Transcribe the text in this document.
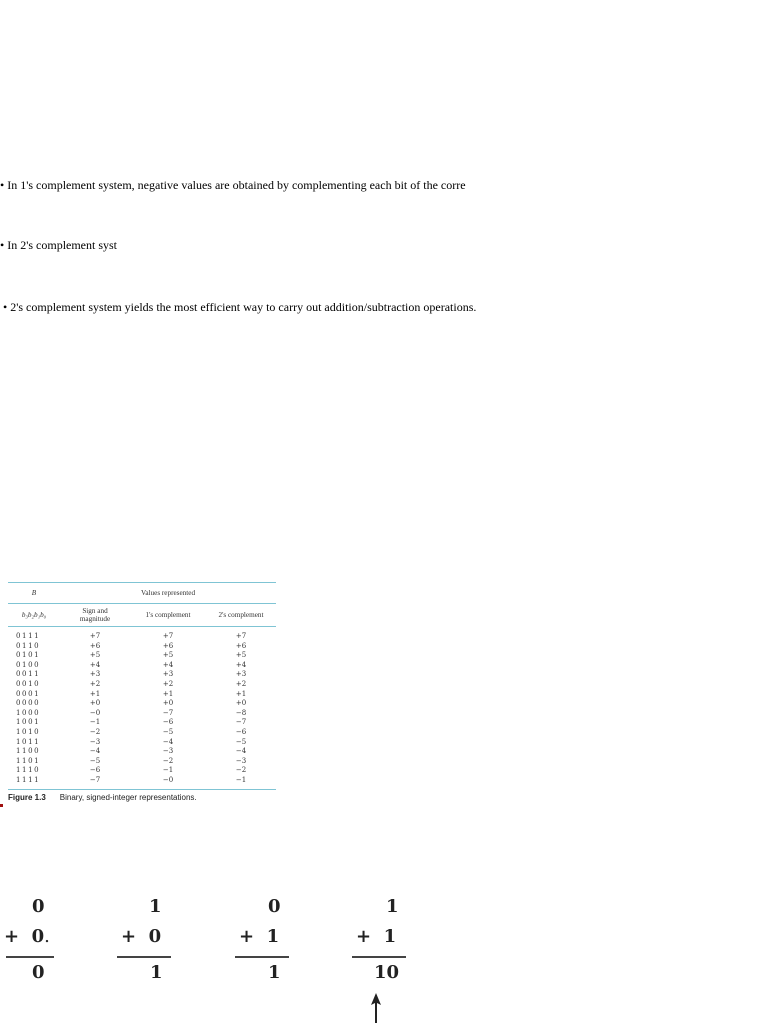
• In 1's complement system, negative values are obtained by complementing each bit of the corre
• In 2's complement syst
• 2's complement system yields the most efficient way to carry out addition/subtraction operations.
B	Values represented
b₃b₂b₁b₀	Sign and
magnitude	1's complement	2's complement
0111	+7	+7	+7
0110	+6	+6	+6
0101	+5	+5	+5
0100	+4	+4	+4
0011	+3	+3	+3
0010	+2	+2	+2
0001	+1	+1	+1
0000	+0	+0	+0
1000	−0	−7	−8
1001	−1	−6	−7
1010	−2	−5	−6
1011	−3	−4	−5
1100	−4	−3	−4
1101	−5	−2	−3
1110	−6	−1	−2
1111	−7	−0	−1
Figure 1.3 Binary, signed-integer representations.
0
+  0.
0
1
+  0
1
0
+  1
1
1
+  1
10
